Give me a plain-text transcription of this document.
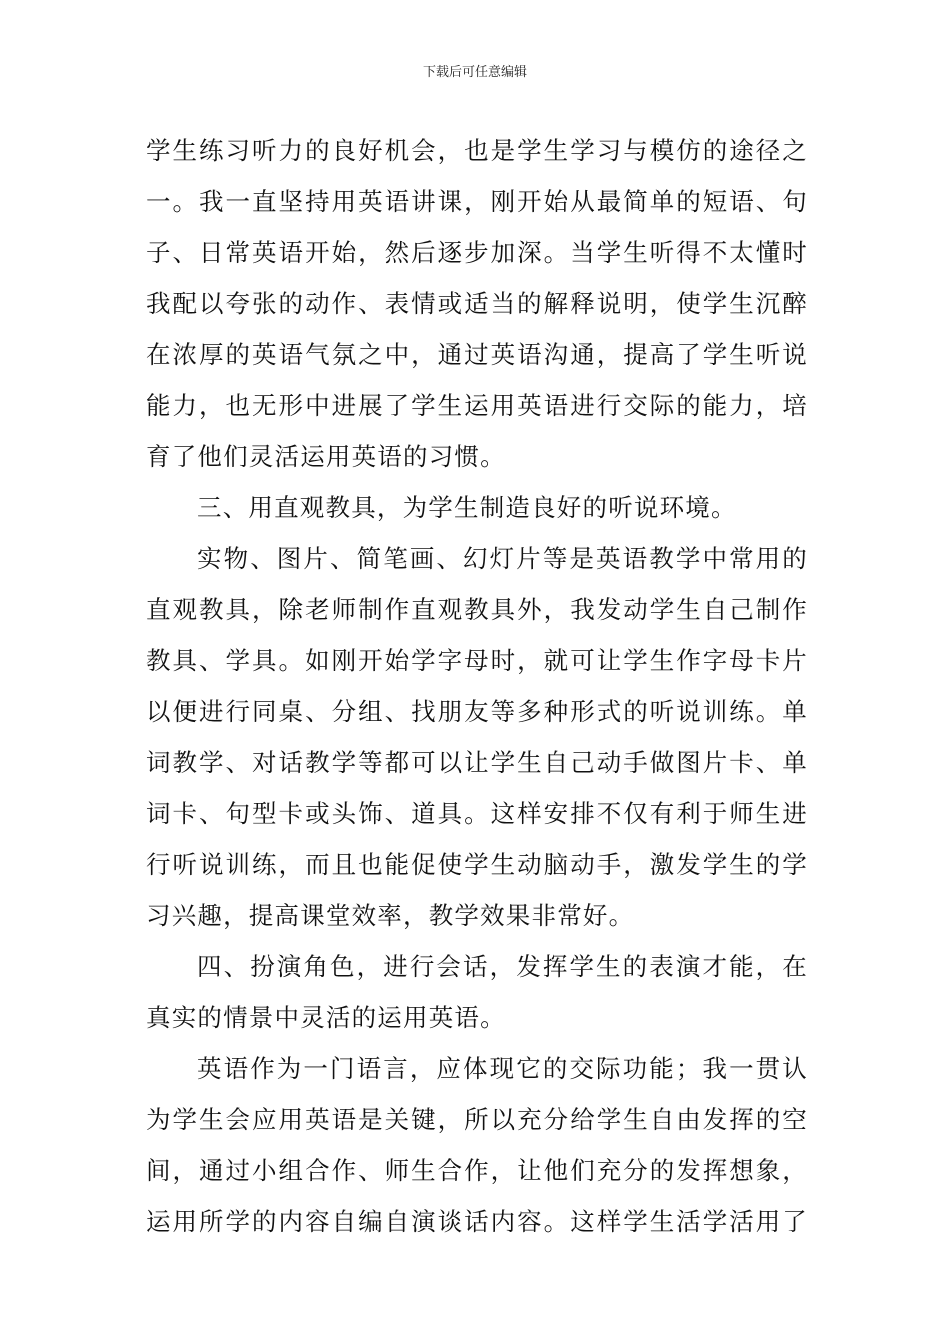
下载后可任意编辑
学生练习听力的良好机会，也是学生学习与模仿的途径之
一。我一直坚持用英语讲课，刚开始从最简单的短语、句
子、日常英语开始，然后逐步加深。当学生听得不太懂时
我配以夸张的动作、表情或适当的解释说明，使学生沉醉
在浓厚的英语气氛之中，通过英语沟通，提高了学生听说
能力，也无形中进展了学生运用英语进行交际的能力，培
育了他们灵活运用英语的习惯。
三、用直观教具，为学生制造良好的听说环境。
实物、图片、简笔画、幻灯片等是英语教学中常用的
直观教具，除老师制作直观教具外，我发动学生自己制作
教具、学具。如刚开始学字母时，就可让学生作字母卡片
以便进行同桌、分组、找朋友等多种形式的听说训练。单
词教学、对话教学等都可以让学生自己动手做图片卡、单
词卡、句型卡或头饰、道具。这样安排不仅有利于师生进
行听说训练，而且也能促使学生动脑动手，激发学生的学
习兴趣，提高课堂效率，教学效果非常好。
四、扮演角色，进行会话，发挥学生的表演才能，在
真实的情景中灵活的运用英语。
英语作为一门语言，应体现它的交际功能；我一贯认
为学生会应用英语是关键，所以充分给学生自由发挥的空
间，通过小组合作、师生合作，让他们充分的发挥想象，
运用所学的内容自编自演谈话内容。这样学生活学活用了
